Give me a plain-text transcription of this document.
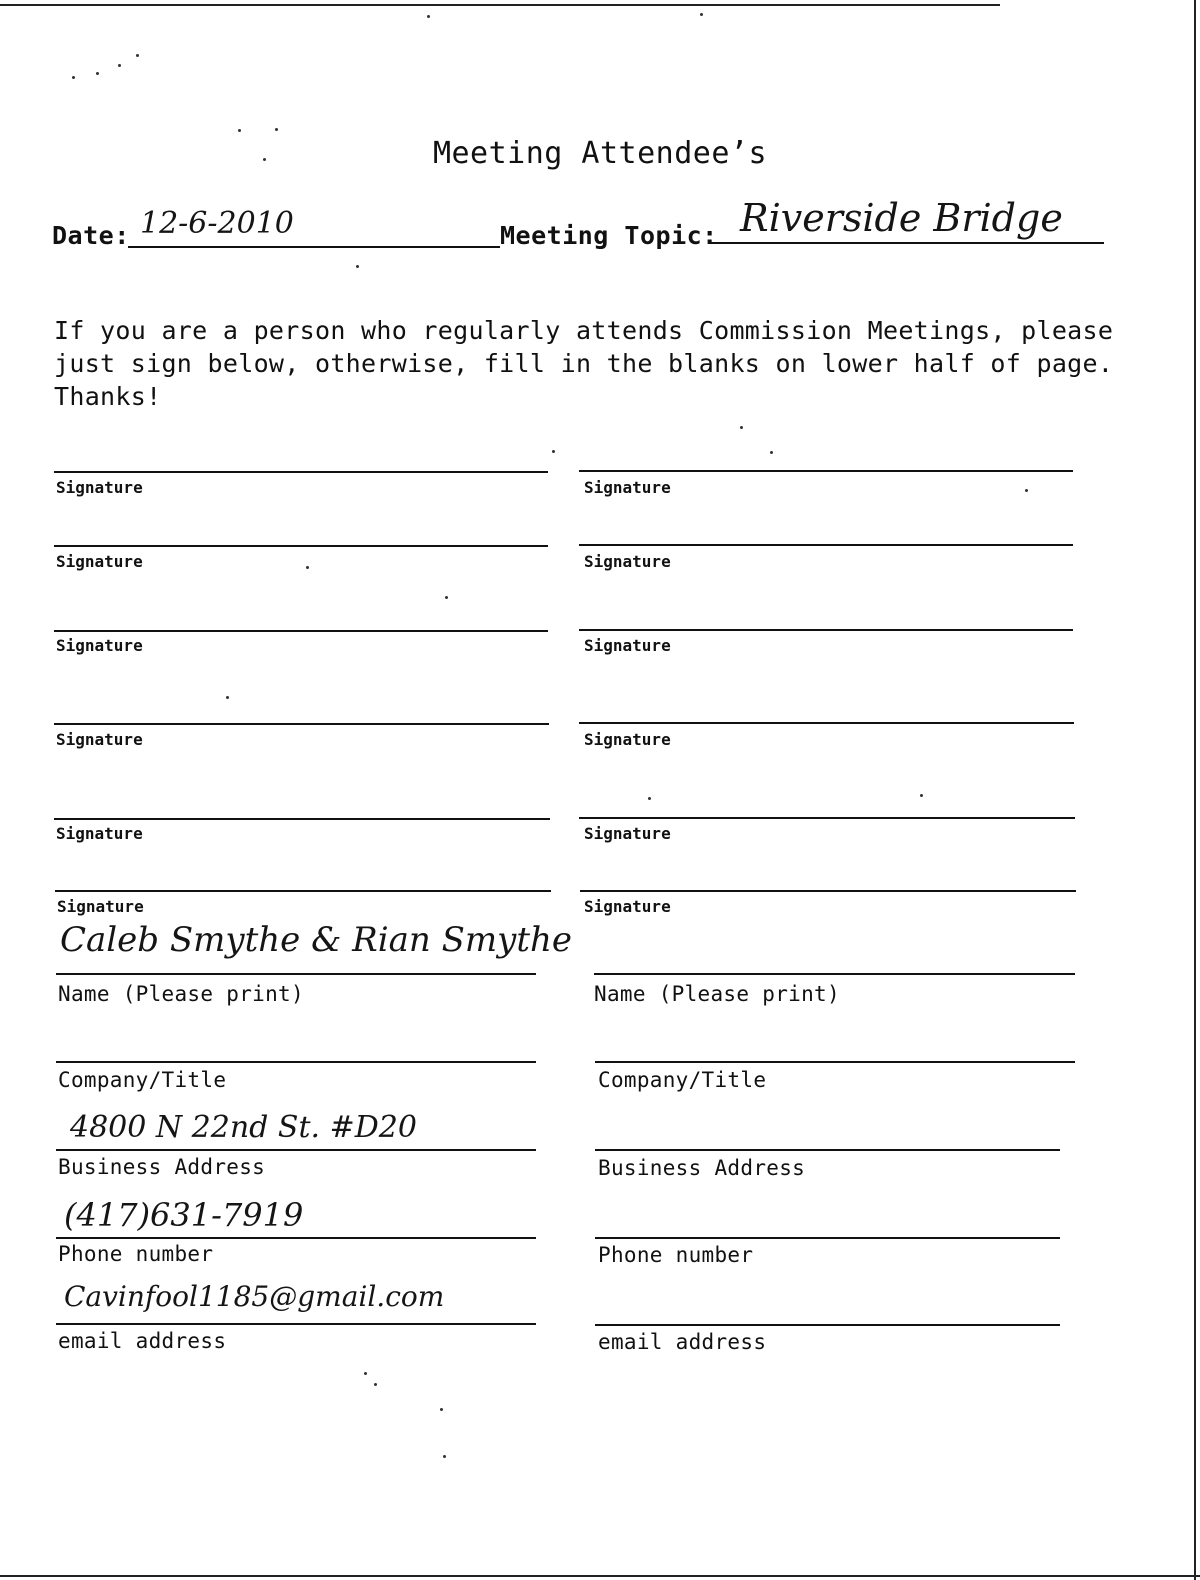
Meeting Attendee’s
Date: 12-6-2010	Meeting Topic: Riverside Bridge
If you are a person who regularly attends Commission Meetings, please
just sign below, otherwise, fill in the blanks on lower half of page.
Thanks!
Signature	Signature
Signature	Signature
Signature	Signature
Signature	Signature
Signature	Signature
Signature	Signature
Caleb Smythe & Rian Smythe
Name (Please print)
Company/Title
4800 N 22nd St. #D20
Business Address
(417)631-7919
Phone number
Cavinfool1185@gmail.com
email address
Name (Please print)
Company/Title
Business Address
Phone number
email address
